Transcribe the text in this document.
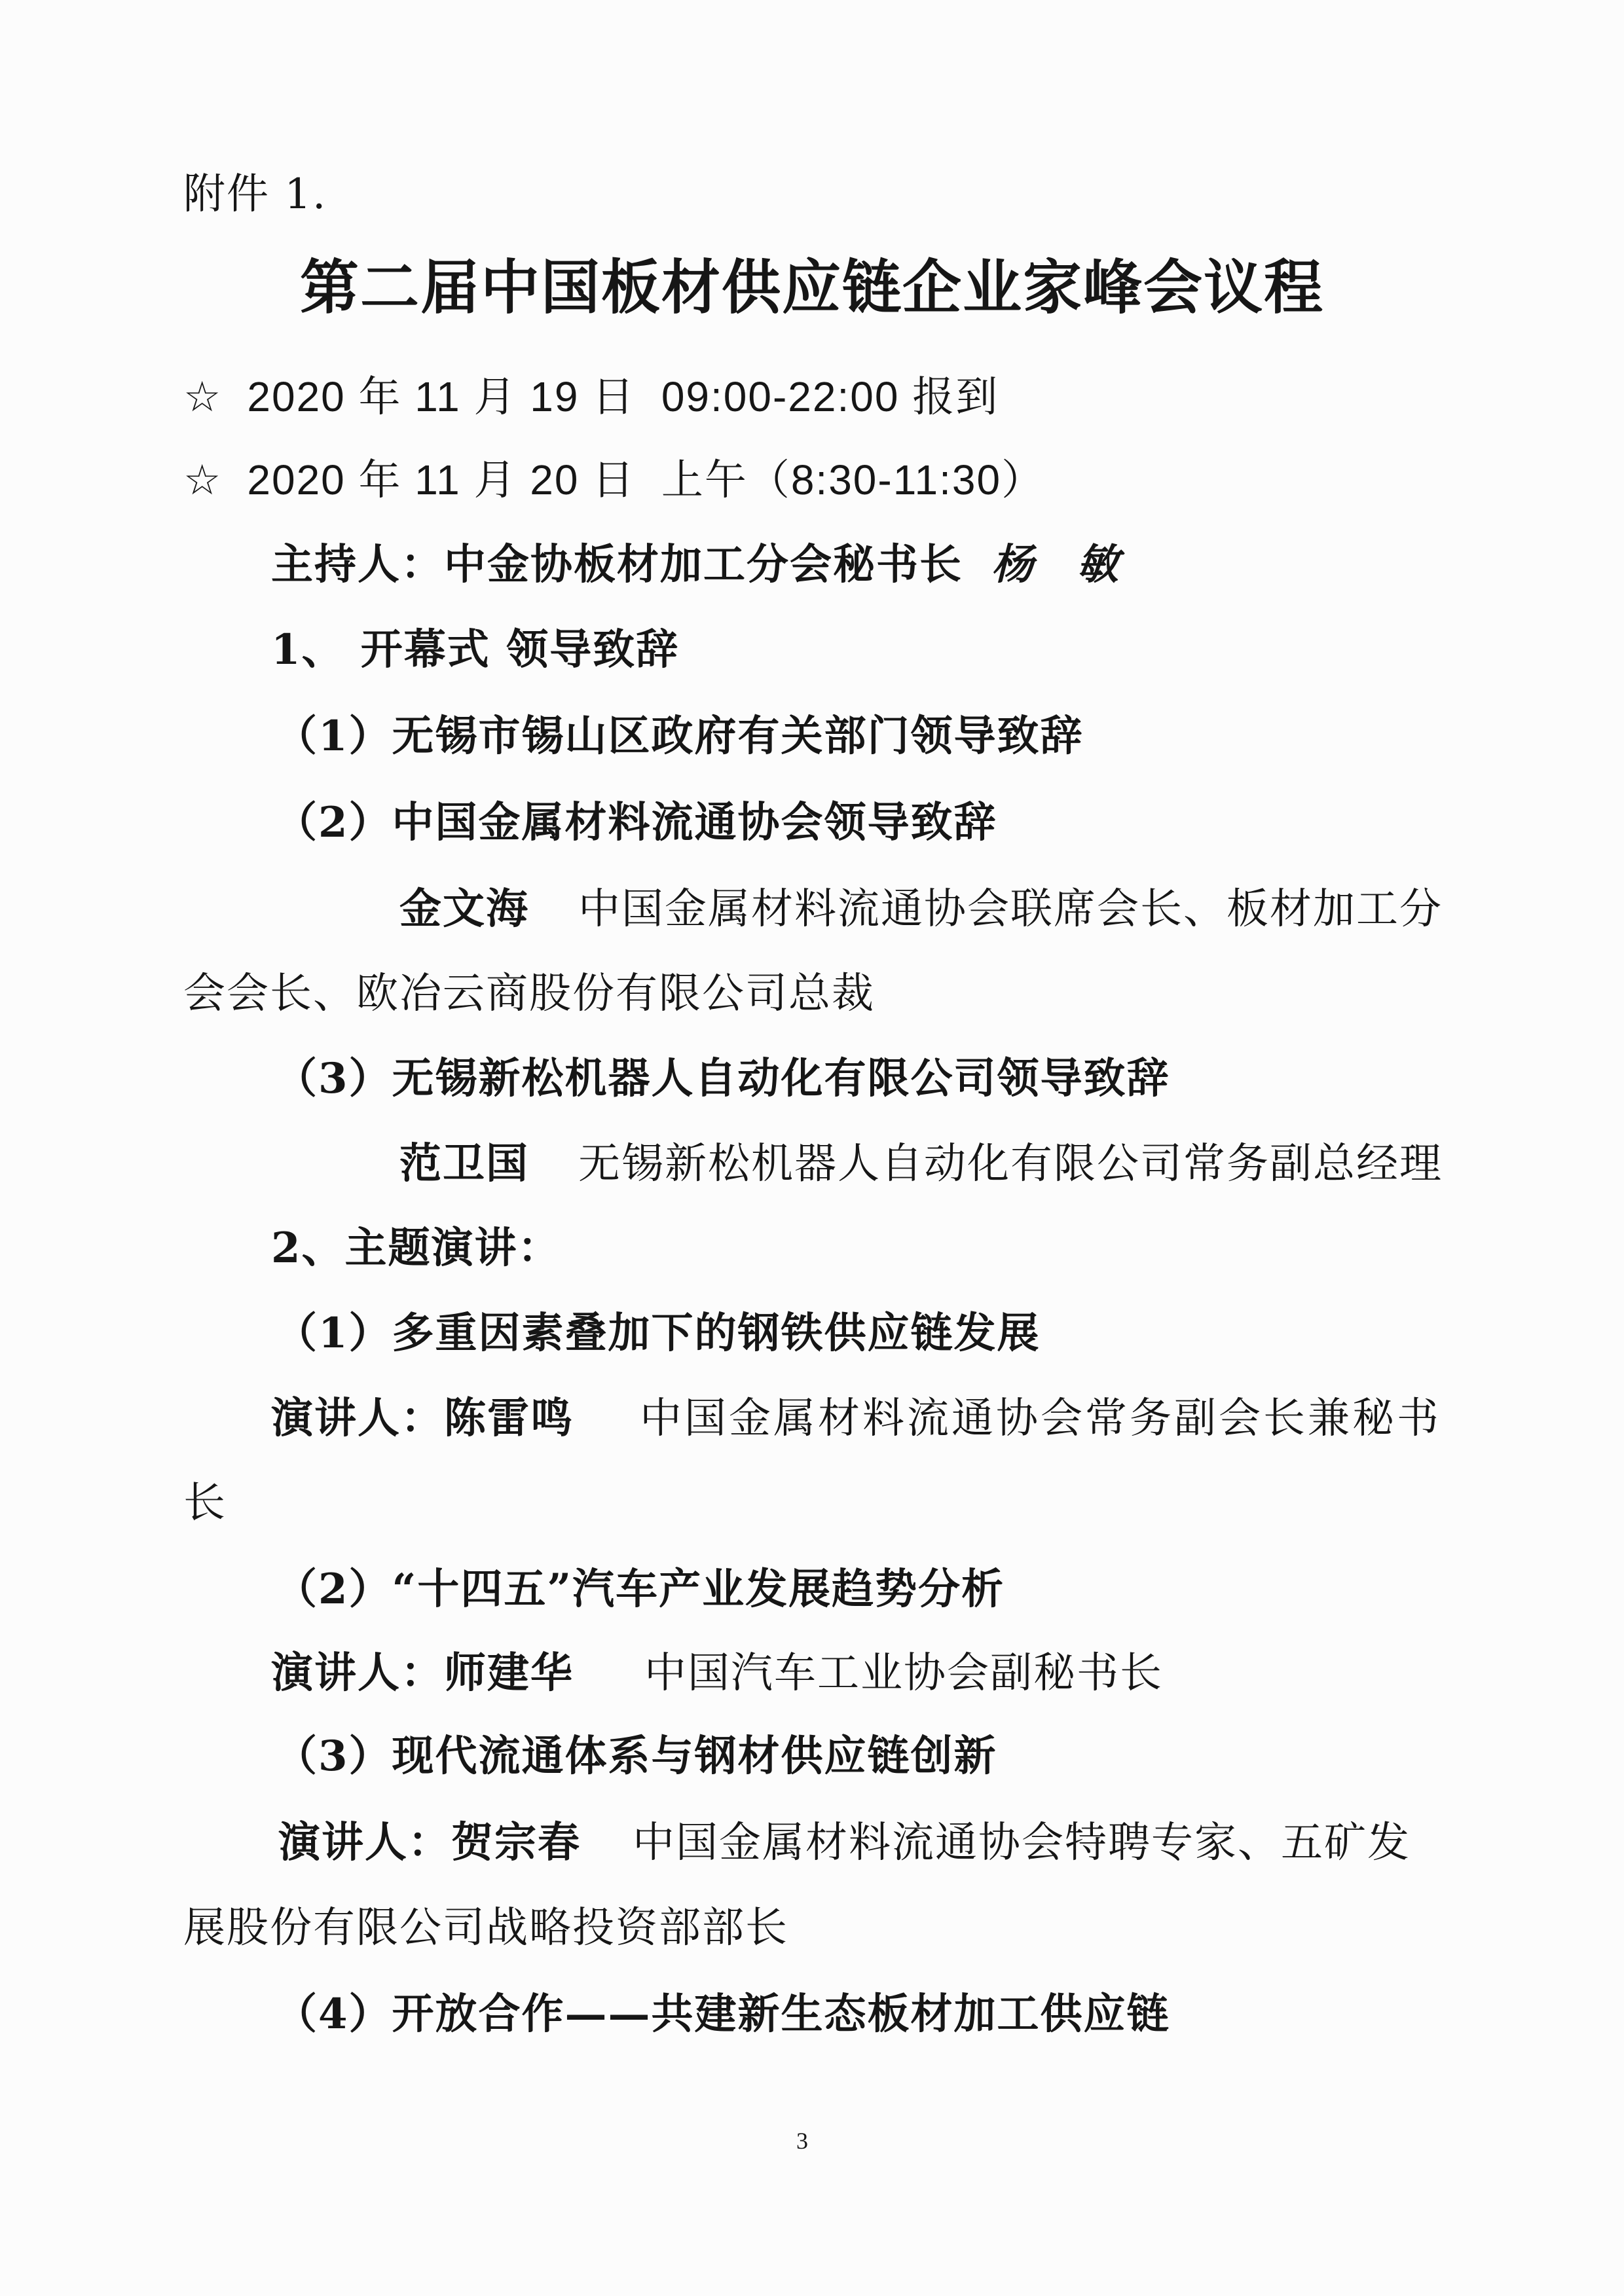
附件 1.
第二届中国板材供应链企业家峰会议程
☆ 2020 年 11 月 19 日  09:00-22:00 报到
☆ 2020 年 11 月 20 日  上午（8:30-11:30）
主持人：中金协板材加工分会秘书长 杨 敏
1、 开幕式 领导致辞
（1）无锡市锡山区政府有关部门领导致辞
（2）中国金属材料流通协会领导致辞
金文海 中国金属材料流通协会联席会长、板材加工分
会会长、欧冶云商股份有限公司总裁
（3）无锡新松机器人自动化有限公司领导致辞
范卫国 无锡新松机器人自动化有限公司常务副总经理
2、主题演讲：
（1）多重因素叠加下的钢铁供应链发展
演讲人： 陈雷鸣 中国金属材料流通协会常务副会长兼秘书
长
（2）“十四五”汽车产业发展趋势分析
演讲人： 师建华 中国汽车工业协会副秘书长
（3）现代流通体系与钢材供应链创新
演讲人： 贺宗春 中国金属材料流通协会特聘专家、五矿发
展股份有限公司战略投资部部长
（4）开放合作——共建新生态板材加工供应链
3
